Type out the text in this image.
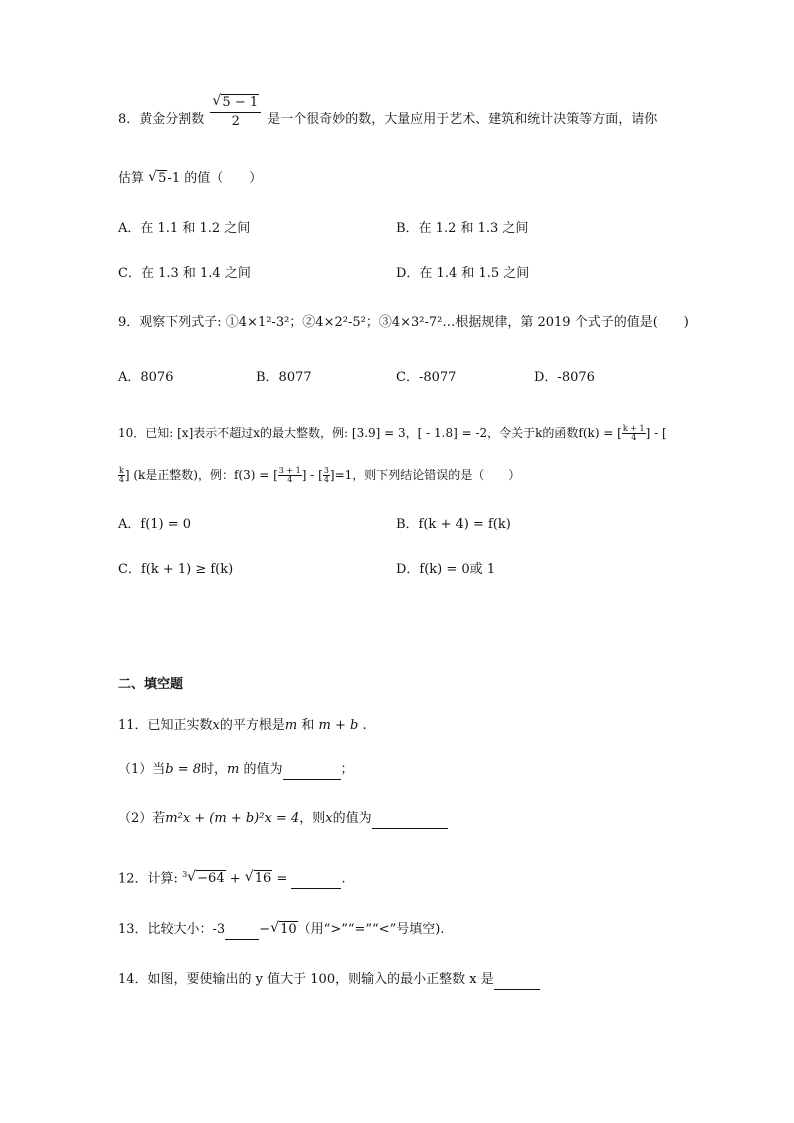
8．黄金分割数 $\frac{√ 5 - 1}{2}$ 是一个很奇妙的数，大量应用于艺术、建筑和统计决策等方面，请你
估算 √ 5-1 的值（　　）
A．在 1.1 和 1.2 之间	B．在 1.2 和 1.3 之间
C．在 1.3 和 1.4 之间	D．在 1.4 和 1.5 之间
9．观察下列式子: ①4×1²-3²；②4×2²-5²；③4×3²-7²…根据规律，第 2019 个式子的值是(　　)
A．8076	B．8077	C．-8077	D．-8076
10．已知: [x]表示不超过x的最大整数，例: [3.9] = 3，[ - 1.8] = -2，令关于k的函数f(k) = [ $\frac{k + 1}{4}$ ] - [
$\frac{k}{4}$ ] (k是正整数)，例：f(3) = [ $\frac{3 + 1}{4}$ ] - [ $\frac{3}{4} ]=1$，则下列结论错误的是（　　）
A．f(1) = 0	B．f(k + 4) = f(k)
C．f(k + 1) ≥ f(k)	D．f(k) = 0或 1
二、填空题
11．已知正实数x的平方根是m 和 m + b .
（1）当b = 8时，m 的值为	；
（2）若m²x + (m + b)²x = 4，则x的值为
12．计算: $^3$ √ −64 + √ 16 =	.
13．比较大小：-3	− √ 10（用“>”“=”“<”号填空).
14．如图，要使输出的 y 值大于 100，则输入的最小正整数 x 是
